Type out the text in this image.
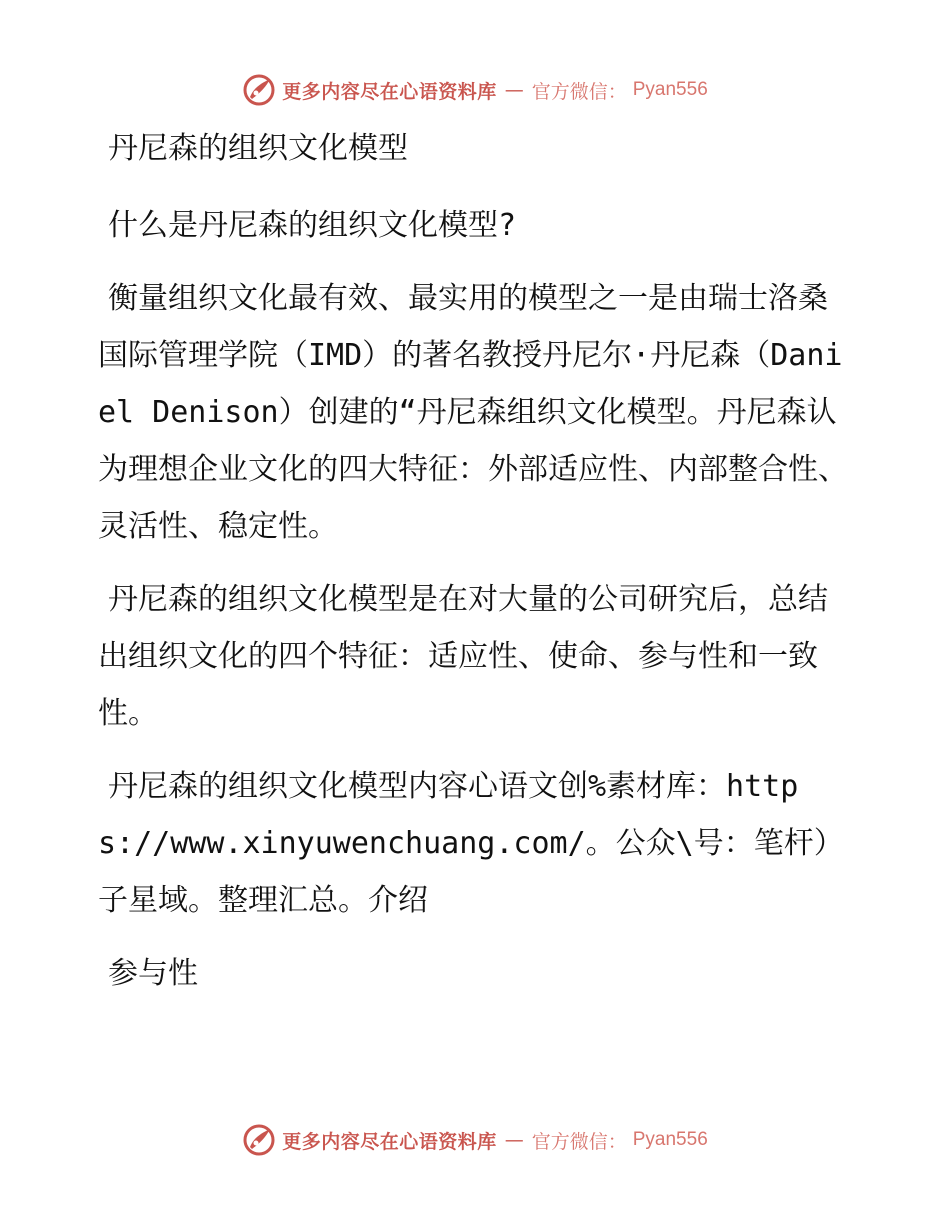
更多内容尽在心语资料库 — 官方微信： Pyan556

丹尼森的组织文化模型

什么是丹尼森的组织文化模型?

衡量组织文化最有效、最实用的模型之一是由瑞士洛桑国际管理学院（IMD）的著名教授丹尼尔·丹尼森（Daniel Denison）创建的“丹尼森组织文化模型。丹尼森认为理想企业文化的四大特征：外部适应性、内部整合性、灵活性、稳定性。

丹尼森的组织文化模型是在对大量的公司研究后，总结出组织文化的四个特征：适应性、使命、参与性和一致性。

丹尼森的组织文化模型内容心语文创%素材库：https://www.xinyuwenchuang.com/。公众\号：笔杆）子星域。整理汇总。介绍

参与性

更多内容尽在心语资料库 — 官方微信： Pyan556
